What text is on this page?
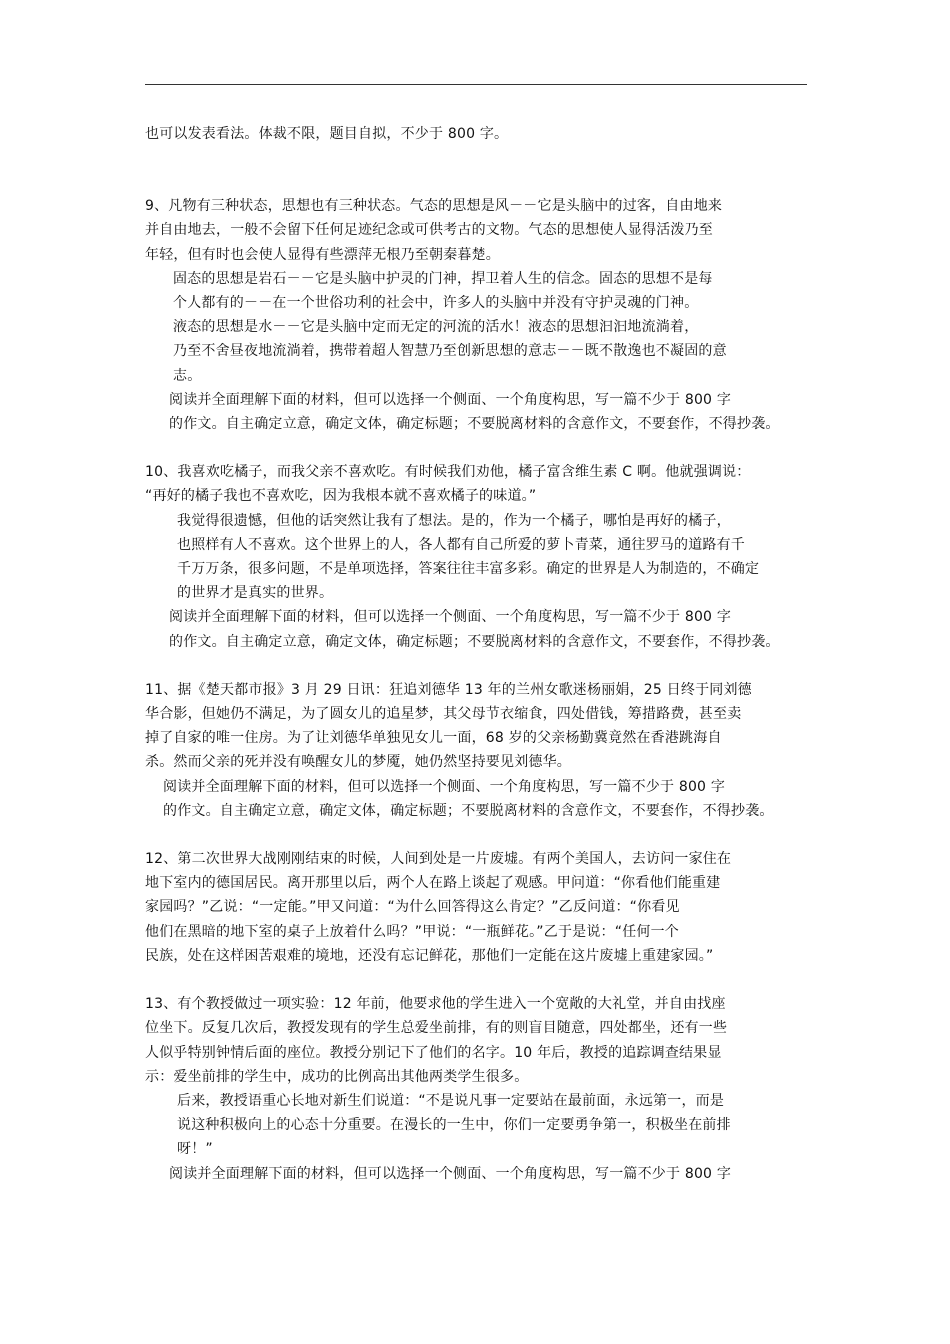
也可以发表看法。体裁不限，题目自拟，不少于 800 字。

9、凡物有三种状态，思想也有三种状态。气态的思想是风－－它是头脑中的过客，自由地来
并自由地去，一般不会留下任何足迹纪念或可供考古的文物。气态的思想使人显得活泼乃至
年轻，但有时也会使人显得有些漂萍无根乃至朝秦暮楚。

固态的思想是岩石－－它是头脑中护灵的门神，捍卫着人生的信念。固态的思想不是每
个人都有的－－在一个世俗功利的社会中，许多人的头脑中并没有守护灵魂的门神。

液态的思想是水－－它是头脑中定而无定的河流的活水！液态的思想汩汩地流淌着，
乃至不舍昼夜地流淌着，携带着超人智慧乃至创新思想的意志－－既不散逸也不凝固的意
志。

阅读并全面理解下面的材料，但可以选择一个侧面、一个角度构思，写一篇不少于 800 字
的作文。自主确定立意，确定文体，确定标题；不要脱离材料的含意作文，不要套作，不得抄袭。

10、我喜欢吃橘子，而我父亲不喜欢吃。有时候我们劝他，橘子富含维生素 C 啊。他就强调说：
“再好的橘子我也不喜欢吃，因为我根本就不喜欢橘子的味道。”

我觉得很遗憾，但他的话突然让我有了想法。是的，作为一个橘子，哪怕是再好的橘子，
也照样有人不喜欢。这个世界上的人，各人都有自己所爱的萝卜青菜，通往罗马的道路有千
千万万条，很多问题，不是单项选择，答案往往丰富多彩。确定的世界是人为制造的，不确定
的世界才是真实的世界。

阅读并全面理解下面的材料，但可以选择一个侧面、一个角度构思，写一篇不少于 800 字
的作文。自主确定立意，确定文体，确定标题；不要脱离材料的含意作文，不要套作，不得抄袭。

11、据《楚天都市报》3 月 29 日讯：狂追刘德华 13 年的兰州女歌迷杨丽娟，25 日终于同刘德
华合影，但她仍不满足，为了圆女儿的追星梦，其父母节衣缩食，四处借钱，筹措路费，甚至卖
掉了自家的唯一住房。为了让刘德华单独见女儿一面，68 岁的父亲杨勤冀竟然在香港跳海自
杀。然而父亲的死并没有唤醒女儿的梦魇，她仍然坚持要见刘德华。

阅读并全面理解下面的材料，但可以选择一个侧面、一个角度构思，写一篇不少于 800 字
的作文。自主确定立意，确定文体，确定标题；不要脱离材料的含意作文，不要套作，不得抄袭。

12、第二次世界大战刚刚结束的时候，人间到处是一片废墟。有两个美国人，去访问一家住在
地下室内的德国居民。离开那里以后，两个人在路上谈起了观感。甲问道：“你看他们能重建
家园吗？”乙说：“一定能。”甲又问道：“为什么回答得这么肯定？”乙反问道：“你看见
他们在黑暗的地下室的桌子上放着什么吗？”甲说：“一瓶鲜花。”乙于是说：“任何一个
民族，处在这样困苦艰难的境地，还没有忘记鲜花，那他们一定能在这片废墟上重建家园。”

13、有个教授做过一项实验：12 年前，他要求他的学生进入一个宽敞的大礼堂，并自由找座
位坐下。反复几次后，教授发现有的学生总爱坐前排，有的则盲目随意，四处都坐，还有一些
人似乎特别钟情后面的座位。教授分别记下了他们的名字。10 年后，教授的追踪调查结果显
示：爱坐前排的学生中，成功的比例高出其他两类学生很多。

后来，教授语重心长地对新生们说道：“不是说凡事一定要站在最前面，永远第一，而是
说这种积极向上的心态十分重要。在漫长的一生中，你们一定要勇争第一，积极坐在前排
呀！”

阅读并全面理解下面的材料，但可以选择一个侧面、一个角度构思，写一篇不少于 800 字
